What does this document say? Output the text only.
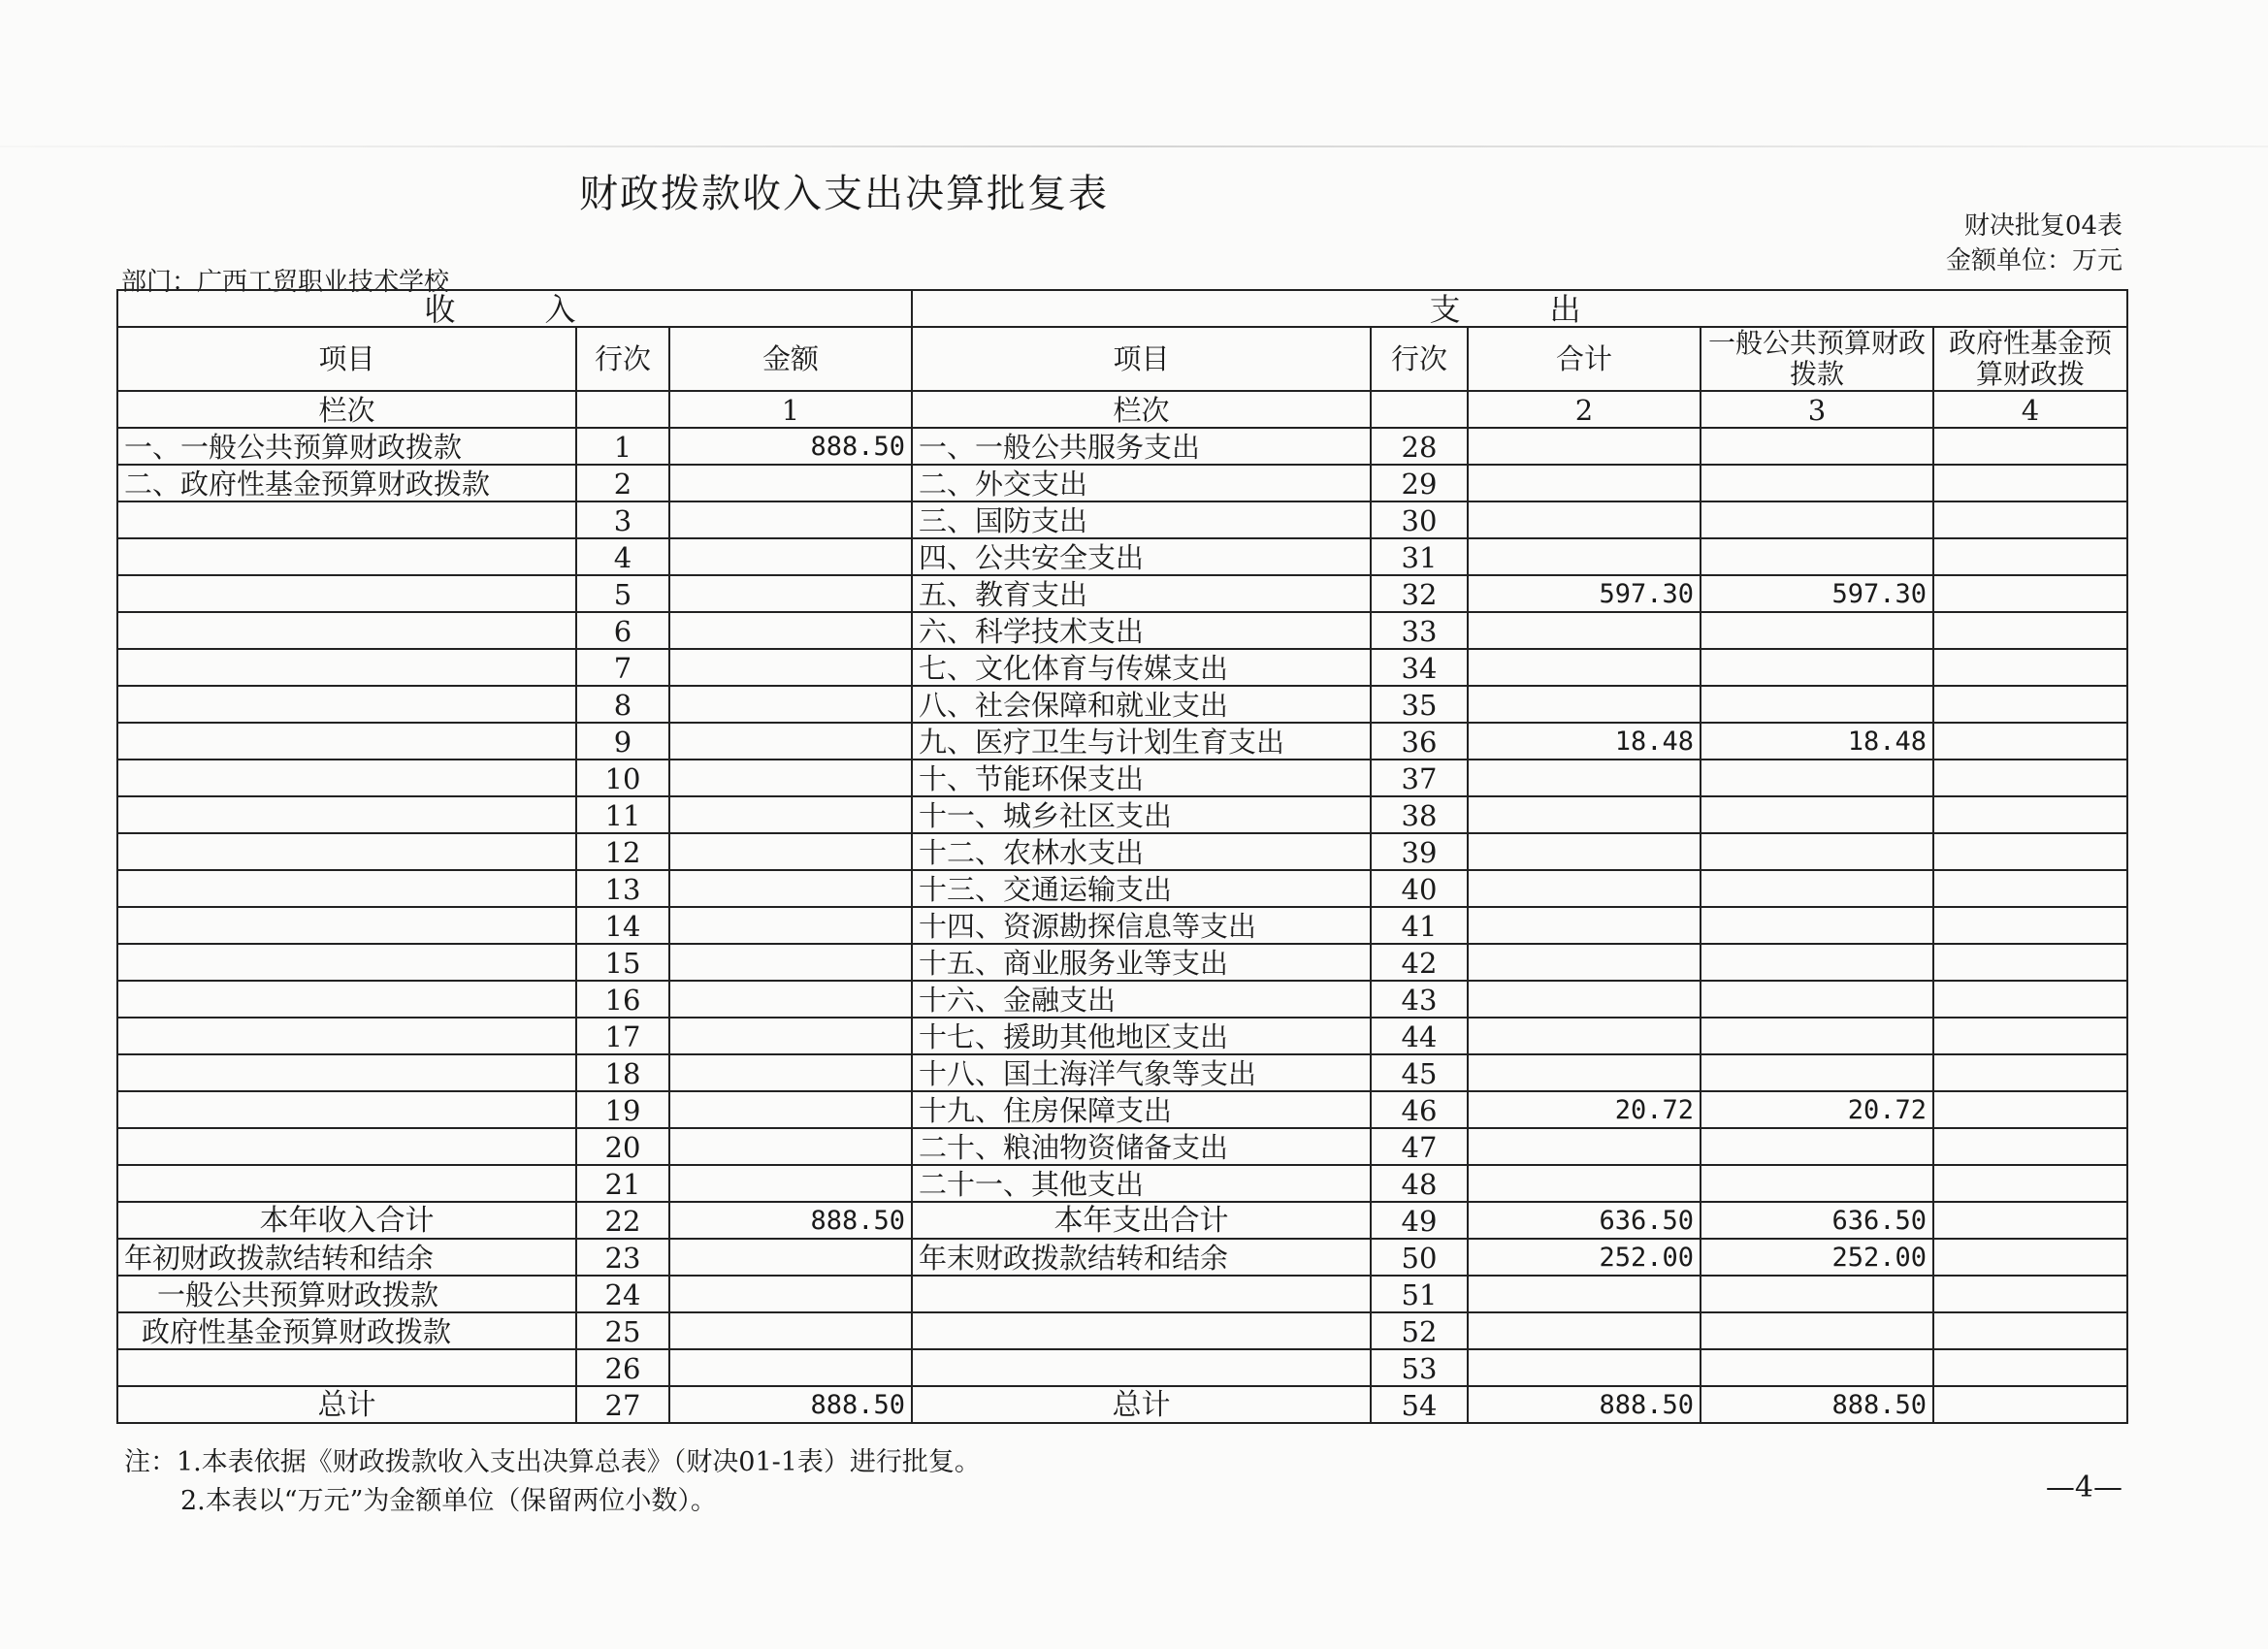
财政拨款收入支出决算批复表
财决批复04表
金额单位：万元
部门：广西工贸职业技术学校
收　入			支　出				
项目	行次	金额	项目	行次	合计	一般公共预算财政拨款	政府性基金预算财政拨
栏次		1	栏次		2	3	4
一、一般公共预算财政拨款	1	888.50	一、一般公共服务支出	28			
二、政府性基金预算财政拨款	2		二、外交支出	29			
	3		三、国防支出	30			
	4		四、公共安全支出	31			
	5		五、教育支出	32	597.30	597.30	
	6		六、科学技术支出	33			
	7		七、文化体育与传媒支出	34			
	8		八、社会保障和就业支出	35			
	9		九、医疗卫生与计划生育支出	36	18.48	18.48	
	10		十、节能环保支出	37			
	11		十一、城乡社区支出	38			
	12		十二、农林水支出	39			
	13		十三、交通运输支出	40			
	14		十四、资源勘探信息等支出	41			
	15		十五、商业服务业等支出	42			
	16		十六、金融支出	43			
	17		十七、援助其他地区支出	44			
	18		十八、国土海洋气象等支出	45			
	19		十九、住房保障支出	46	20.72	20.72	
	20		二十、粮油物资储备支出	47			
	21		二十一、其他支出	48			
本年收入合计	22	888.50	本年支出合计	49	636.50	636.50	
年初财政拨款结转和结余	23		年末财政拨款结转和结余	50	252.00	252.00	
一般公共预算财政拨款	24			51			
政府性基金预算财政拨款	25			52			
	26			53			
总计	27	888.50	总计	54	888.50	888.50	
注：1.本表依据《财政拨款收入支出决算总表》（财决01-1表）进行批复。
2.本表以“万元”为金额单位（保留两位小数）。	—4—
